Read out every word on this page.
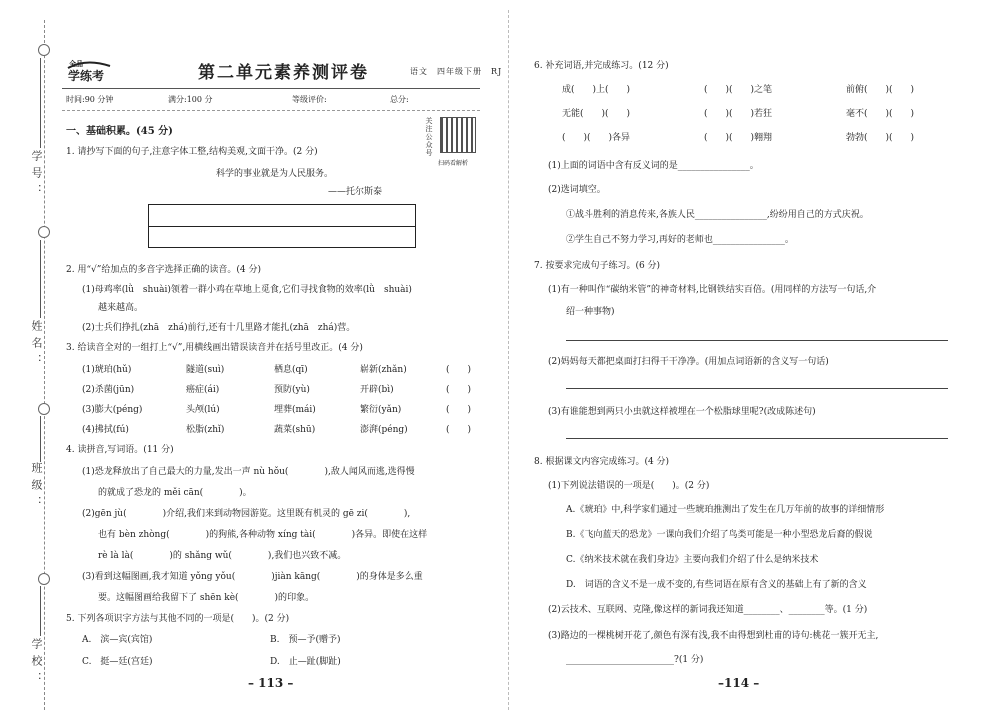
学号：
姓名：
班级：
学校：
全品
学练考	第二单元素养测评卷	语文　四年级下册　RJ
时间:90 分钟	满分:100 分	等级评价:	总分:
关注公众号
扫码看解析
一、基础积累。(45 分)
1. 请抄写下面的句子,注意字体工整,结构美观,文面干净。(2 分)
科学的事业就是为人民服务。
——托尔斯泰
2. 用“√”给加点的多音字选择正确的读音。(4 分)
(1)母鸡率(lǜ　shuài)领着一群小鸡在草地上觅食,它们寻找食物的效率(lǜ　shuài)
越来越高。
(2)士兵们挣扎(zhā　zhá)前行,还有十几里路才能扎(zhā　zhá)营。
3. 给读音全对的一组打上“√”,用横线画出错误读音并在括号里改正。(4 分)
(1)琥珀(hǔ)	隧道(suì)	栖息(qī)	崭新(zhǎn)	(　　)
(2)杀菌(jūn)	癌症(ái)	预防(yù)	开辟(bì)	(　　)
(3)膨大(péng)	头颅(lú)	埋葬(mái)	繁衍(yǎn)	(　　)
(4)拂拭(fú)	松脂(zhǐ)	蔬菜(shū)	澎湃(péng)	(　　)
4. 读拼音,写词语。(11 分)
(1)恐龙释放出了自己最大的力量,发出一声 nù hǒu(　　　　),敌人闻风而逃,选得慢
的就成了恐龙的 měi cān(　　　　)。
(2)gēn jù(　　　　)介绍,我们来到动物园游览。这里既有机灵的 gē zi(　　　　),
也有 bèn zhòng(　　　　)的狗熊,各种动物 xíng tài(　　　　)各异。即使在这样
rè là là(　　　　)的 shǎng wǔ(　　　　),我们也兴致不减。
(3)看到这幅图画,我才知道 yǒng yǒu(　　　　)jiàn kāng(　　　　)的身体是多么重
要。这幅图画给我留下了 shēn kè(　　　　)的印象。
5. 下列各项识字方法与其他不同的一项是(　　)。(2 分)
A.　滨—宾(宾馆)	B.　预—予(赠予)
C.　挺—廷(宫廷)	D.　止—趾(脚趾)
– 113 –
6. 补充词语,并完成练习。(12 分)
成(　　)上(　　)	(　　)(　　)之笔	前俯(　　)(　　)
无能(　　)(　　)	(　　)(　　)若狂	毫不(　　)(　　)
(　　)(　　)各异	(　　)(　　)翱翔	勃勃(　　)(　　)
(1)上面的词语中含有反义词的是________________。
(2)选词填空。
①战斗胜利的消息传来,各族人民________________,纷纷用自己的方式庆祝。
②学生自己不努力学习,再好的老师也________________。
7. 按要求完成句子练习。(6 分)
(1)有一种叫作“碳纳米管”的神奇材料,比钢铁结实百倍。(用同样的方法写一句话,介
绍一种事物)
(2)妈妈每天都把桌面打扫得干干净净。(用加点词语新的含义写一句话)
(3)有谁能想到两只小虫就这样被埋在一个松脂球里呢?(改成陈述句)
8. 根据课文内容完成练习。(4 分)
(1)下列说法错误的一项是(　　)。(2 分)
A.《琥珀》中,科学家们通过一些琥珀推测出了发生在几万年前的故事的详细情形
B.《飞向蓝天的恐龙》一课向我们介绍了鸟类可能是一种小型恐龙后裔的假说
C.《纳米技术就在我们身边》主要向我们介绍了什么是纳米技术
D.　词语的含义不是一成不变的,有些词语在原有含义的基础上有了新的含义
(2)云技术、互联网、克隆,像这样的新词我还知道________、________等。(1 分)
(3)路边的一棵桃树开花了,颜色有深有浅,我不由得想到杜甫的诗句:桃花一簇开无主,
________________________?(1 分)
–114 –
